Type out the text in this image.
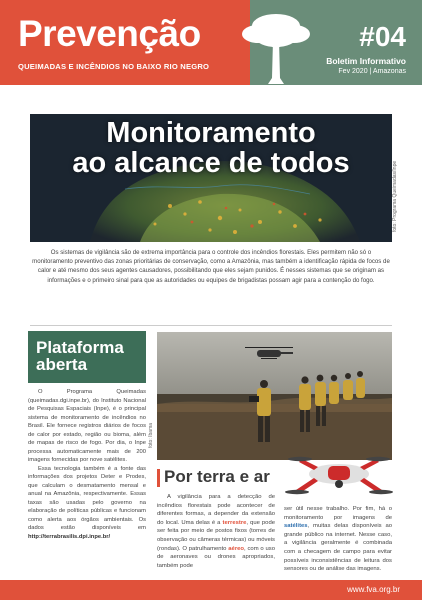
Prevenção
QUEIMADAS E INCÊNDIOS NO BAIXO RIO NEGRO
#04
Boletim Informativo
Fev 2020 | Amazonas
Monitoramento
ao alcance de todos	foto: Programa Queimadas/Inpe

Os sistemas de vigilância são de extrema importância para o controle dos incêndios florestais. Eles permitem não só o monitoramento preventivo das zonas prioritárias de conservação, como a Amazônia, mas também a identificação rápida de focos de calor e até mesmo dos seus agentes causadores, possibilitando que eles sejam punidos. É nesses sistemas que se originam as informações e o primeiro sinal para que as autoridades ou equipes de brigadistas possam agir para a contenção do fogo.

Plataforma
aberta

O Programa Queimadas (queimadas.dgi.inpe.br), do Instituto Nacional de Pesquisas Espaciais (Inpe), é o principal sistema de monitoramento de incêndios no Brasil. Ele fornece registros diários de focos de calor por estado, região ou bioma, além de mapas de risco de fogo. Por dia, o Inpe processa automaticamente mais de 200 imagens fornecidas por nove satélites.

Essa tecnologia também é a fonte das informações dos projetos Deter e Prodes, que calculam o desmatamento mensal e anual na Amazônia, respectivamente. Essas taxas são usadas pelo governo na elaboração de políticas públicas e funcionam como alerta aos órgãos ambientais. Os dados estão disponíveis em http://terrabrasilis.dpi.inpe.br/

foto: Ibama
Por terra e ar

A vigilância para a detecção de incêndios florestais pode acontecer de diferentes formas, a depender da extensão do local. Uma delas é a terrestre, que pode ser feita por meio de postos fixos (torres de observação ou câmeras térmicas) ou móveis (rondas). O patrulhamento aéreo, com o uso de aeronaves ou drones apropriados, também pode

ser útil nesse trabalho. Por fim, há o monitoramento por imagens de satélites, muitas delas disponíveis ao grande público na internet. Nesse caso, a vigilância geralmente é combinada com a checagem de campo para evitar possíveis inconsistências de leitura dos sensores ou de análise das imagens.

www.fva.org.br
